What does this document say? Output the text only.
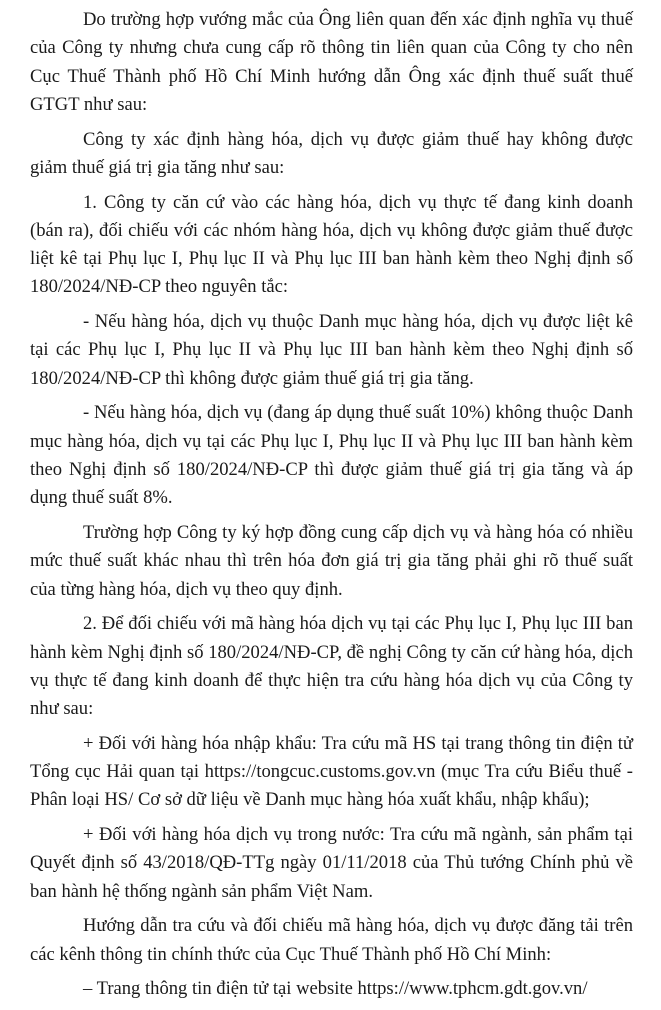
Do trường hợp vướng mắc của Ông liên quan đến xác định nghĩa vụ thuế của Công ty nhưng chưa cung cấp rõ thông tin liên quan của Công ty cho nên Cục Thuế Thành phố Hồ Chí Minh hướng dẫn Ông xác định thuế suất thuế GTGT như sau:

Công ty xác định hàng hóa, dịch vụ được giảm thuế hay không được giảm thuế giá trị gia tăng như sau:

1. Công ty căn cứ vào các hàng hóa, dịch vụ thực tế đang kinh doanh (bán ra), đối chiếu với các nhóm hàng hóa, dịch vụ không được giảm thuế được liệt kê tại Phụ lục I, Phụ lục II và Phụ lục III ban hành kèm theo Nghị định số 180/2024/NĐ-CP theo nguyên tắc:

- Nếu hàng hóa, dịch vụ thuộc Danh mục hàng hóa, dịch vụ được liệt kê tại các Phụ lục I, Phụ lục II và Phụ lục III ban hành kèm theo Nghị định số 180/2024/NĐ-CP thì không được giảm thuế giá trị gia tăng.

- Nếu hàng hóa, dịch vụ (đang áp dụng thuế suất 10%) không thuộc Danh mục hàng hóa, dịch vụ tại các Phụ lục I, Phụ lục II và Phụ lục III ban hành kèm theo Nghị định số 180/2024/NĐ-CP thì được giảm thuế giá trị gia tăng và áp dụng thuế suất 8%.

Trường hợp Công ty ký hợp đồng cung cấp dịch vụ và hàng hóa có nhiều mức thuế suất khác nhau thì trên hóa đơn giá trị gia tăng phải ghi rõ thuế suất của từng hàng hóa, dịch vụ theo quy định.

2. Để đối chiếu với mã hàng hóa dịch vụ tại các Phụ lục I, Phụ lục III ban hành kèm Nghị định số 180/2024/NĐ-CP, đề nghị Công ty căn cứ hàng hóa, dịch vụ thực tế đang kinh doanh để thực hiện tra cứu hàng hóa dịch vụ của Công ty như sau:

+ Đối với hàng hóa nhập khẩu: Tra cứu mã HS tại trang thông tin điện tử Tổng cục Hải quan tại https://tongcuc.customs.gov.vn (mục Tra cứu Biểu thuế - Phân loại HS/ Cơ sở dữ liệu về Danh mục hàng hóa xuất khẩu, nhập khẩu);

+ Đối với hàng hóa dịch vụ trong nước: Tra cứu mã ngành, sản phẩm tại Quyết định số 43/2018/QĐ-TTg ngày 01/11/2018 của Thủ tướng Chính phủ về ban hành hệ thống ngành sản phẩm Việt Nam.

Hướng dẫn tra cứu và đối chiếu mã hàng hóa, dịch vụ được đăng tải trên các kênh thông tin chính thức của Cục Thuế Thành phố Hồ Chí Minh:

– Trang thông tin điện tử tại website https://www.tphcm.gdt.gov.vn/
